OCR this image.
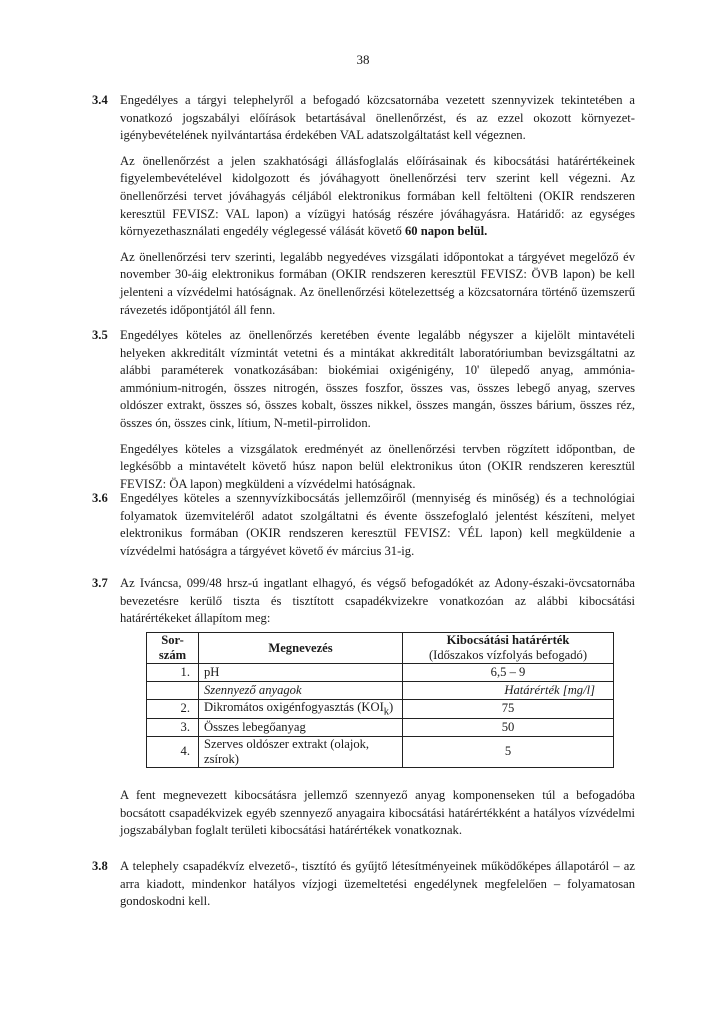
38
3.4 Engedélyes a tárgyi telephelyről a befogadó közcsatornába vezetett szennyvizek tekintetében a vonatkozó jogszabályi előírások betartásával önellenőrzést, és az ezzel okozott környezet-igénybevételének nyilvántartása érdekében VAL adatszolgáltatást kell végeznen.

Az önellenőrzést a jelen szakhatósági állásfoglalás előírásainak és kibocsátási határértékeinek figyelembevételével kidolgozott és jóváhagyott önellenőrzési terv szerint kell végezni. Az önellenőrzési tervet jóváhagyás céljából elektronikus formában kell feltölteni (OKIR rendszeren keresztül FEVISZ: VAL lapon) a vízügyi hatóság részére jóváhagyásra. Határidő: az egységes környezethasználati engedély véglegessé válását követő 60 napon belül.

Az önellenőrzési terv szerinti, legalább negyedéves vizsgálati időpontokat a tárgyévet megelőző év november 30-áig elektronikus formában (OKIR rendszeren keresztül FEVISZ: ÖVB lapon) be kell jelenteni a vízvédelmi hatóságnak. Az önellenőrzési kötelezettség a közcsatornára történő üzemszerű rávezetés időpontjától áll fenn.

3.5 Engedélyes köteles az önellenőrzés keretében évente legalább négyszer a kijelölt mintavételi helyeken akkreditált vízmintát vetetni és a mintákat akkreditált laboratóriumban bevizsgáltatni az alábbi paraméterek vonatkozásában: biokémiai oxigénigény, 10' ülepedő anyag, ammónia-ammónium-nitrogén, összes nitrogén, összes foszfor, összes vas, összes lebegő anyag, szerves oldószer extrakt, összes só, összes kobalt, összes nikkel, összes mangán, összes bárium, összes réz, összes ón, összes cink, lítium, N-metil-pirrolidon.

Engedélyes köteles a vizsgálatok eredményét az önellenőrzési tervben rögzített időpontban, de legkésőbb a mintavételt követő húsz napon belül elektronikus úton (OKIR rendszeren keresztül FEVISZ: ÖA lapon) megküldeni a vízvédelmi hatóságnak.

3.6 Engedélyes köteles a szennyvízkibocsátás jellemzőiről (mennyiség és minőség) és a technológiai folyamatok üzemviteléről adatot szolgáltatni és évente összefoglaló jelentést készíteni, melyet elektronikus formában (OKIR rendszeren keresztül FEVISZ: VÉL lapon) kell megküldenie a vízvédelmi hatóságra a tárgyévet követő év március 31-ig.

3.7 Az Iváncsa, 099/48 hrsz-ú ingatlant elhagyó, és végső befogadókét az Adony-északi-övcsatornába bevezetésre kerülő tiszta és tisztított csapadékvizekre vonatkozóan az alábbi kibocsátási határértékeket állapítom meg:

Sor-
szám	Megnevezés	Kibocsátási határérték
(Időszakos vízfolyás befogadó)
1.	pH	6,5 – 9
	Szennyező anyagok	Határérték [mg/l]
2.	Dikromátos oxigénfogyasztás $(KOI_k)$	75
3.	Összes lebegőanyag	50
4.	Szerves oldószer extrakt (olajok, zsírok)	5

A fent megnevezett kibocsátásra jellemző szennyező anyag komponenseken túl a befogadóba bocsátott csapadékvizek egyéb szennyező anyagaira kibocsátási határértékként a hatályos vízvédelmi jogszabályban foglalt területi kibocsátási határértékek vonatkoznak.

3.8 A telephely csapadékvíz elvezető-, tisztító és gyűjtő létesítményeinek működőképes állapotáról – az arra kiadott, mindenkor hatályos vízjogi üzemeltetési engedélynek megfelelően – folyamatosan gondoskodni kell.
